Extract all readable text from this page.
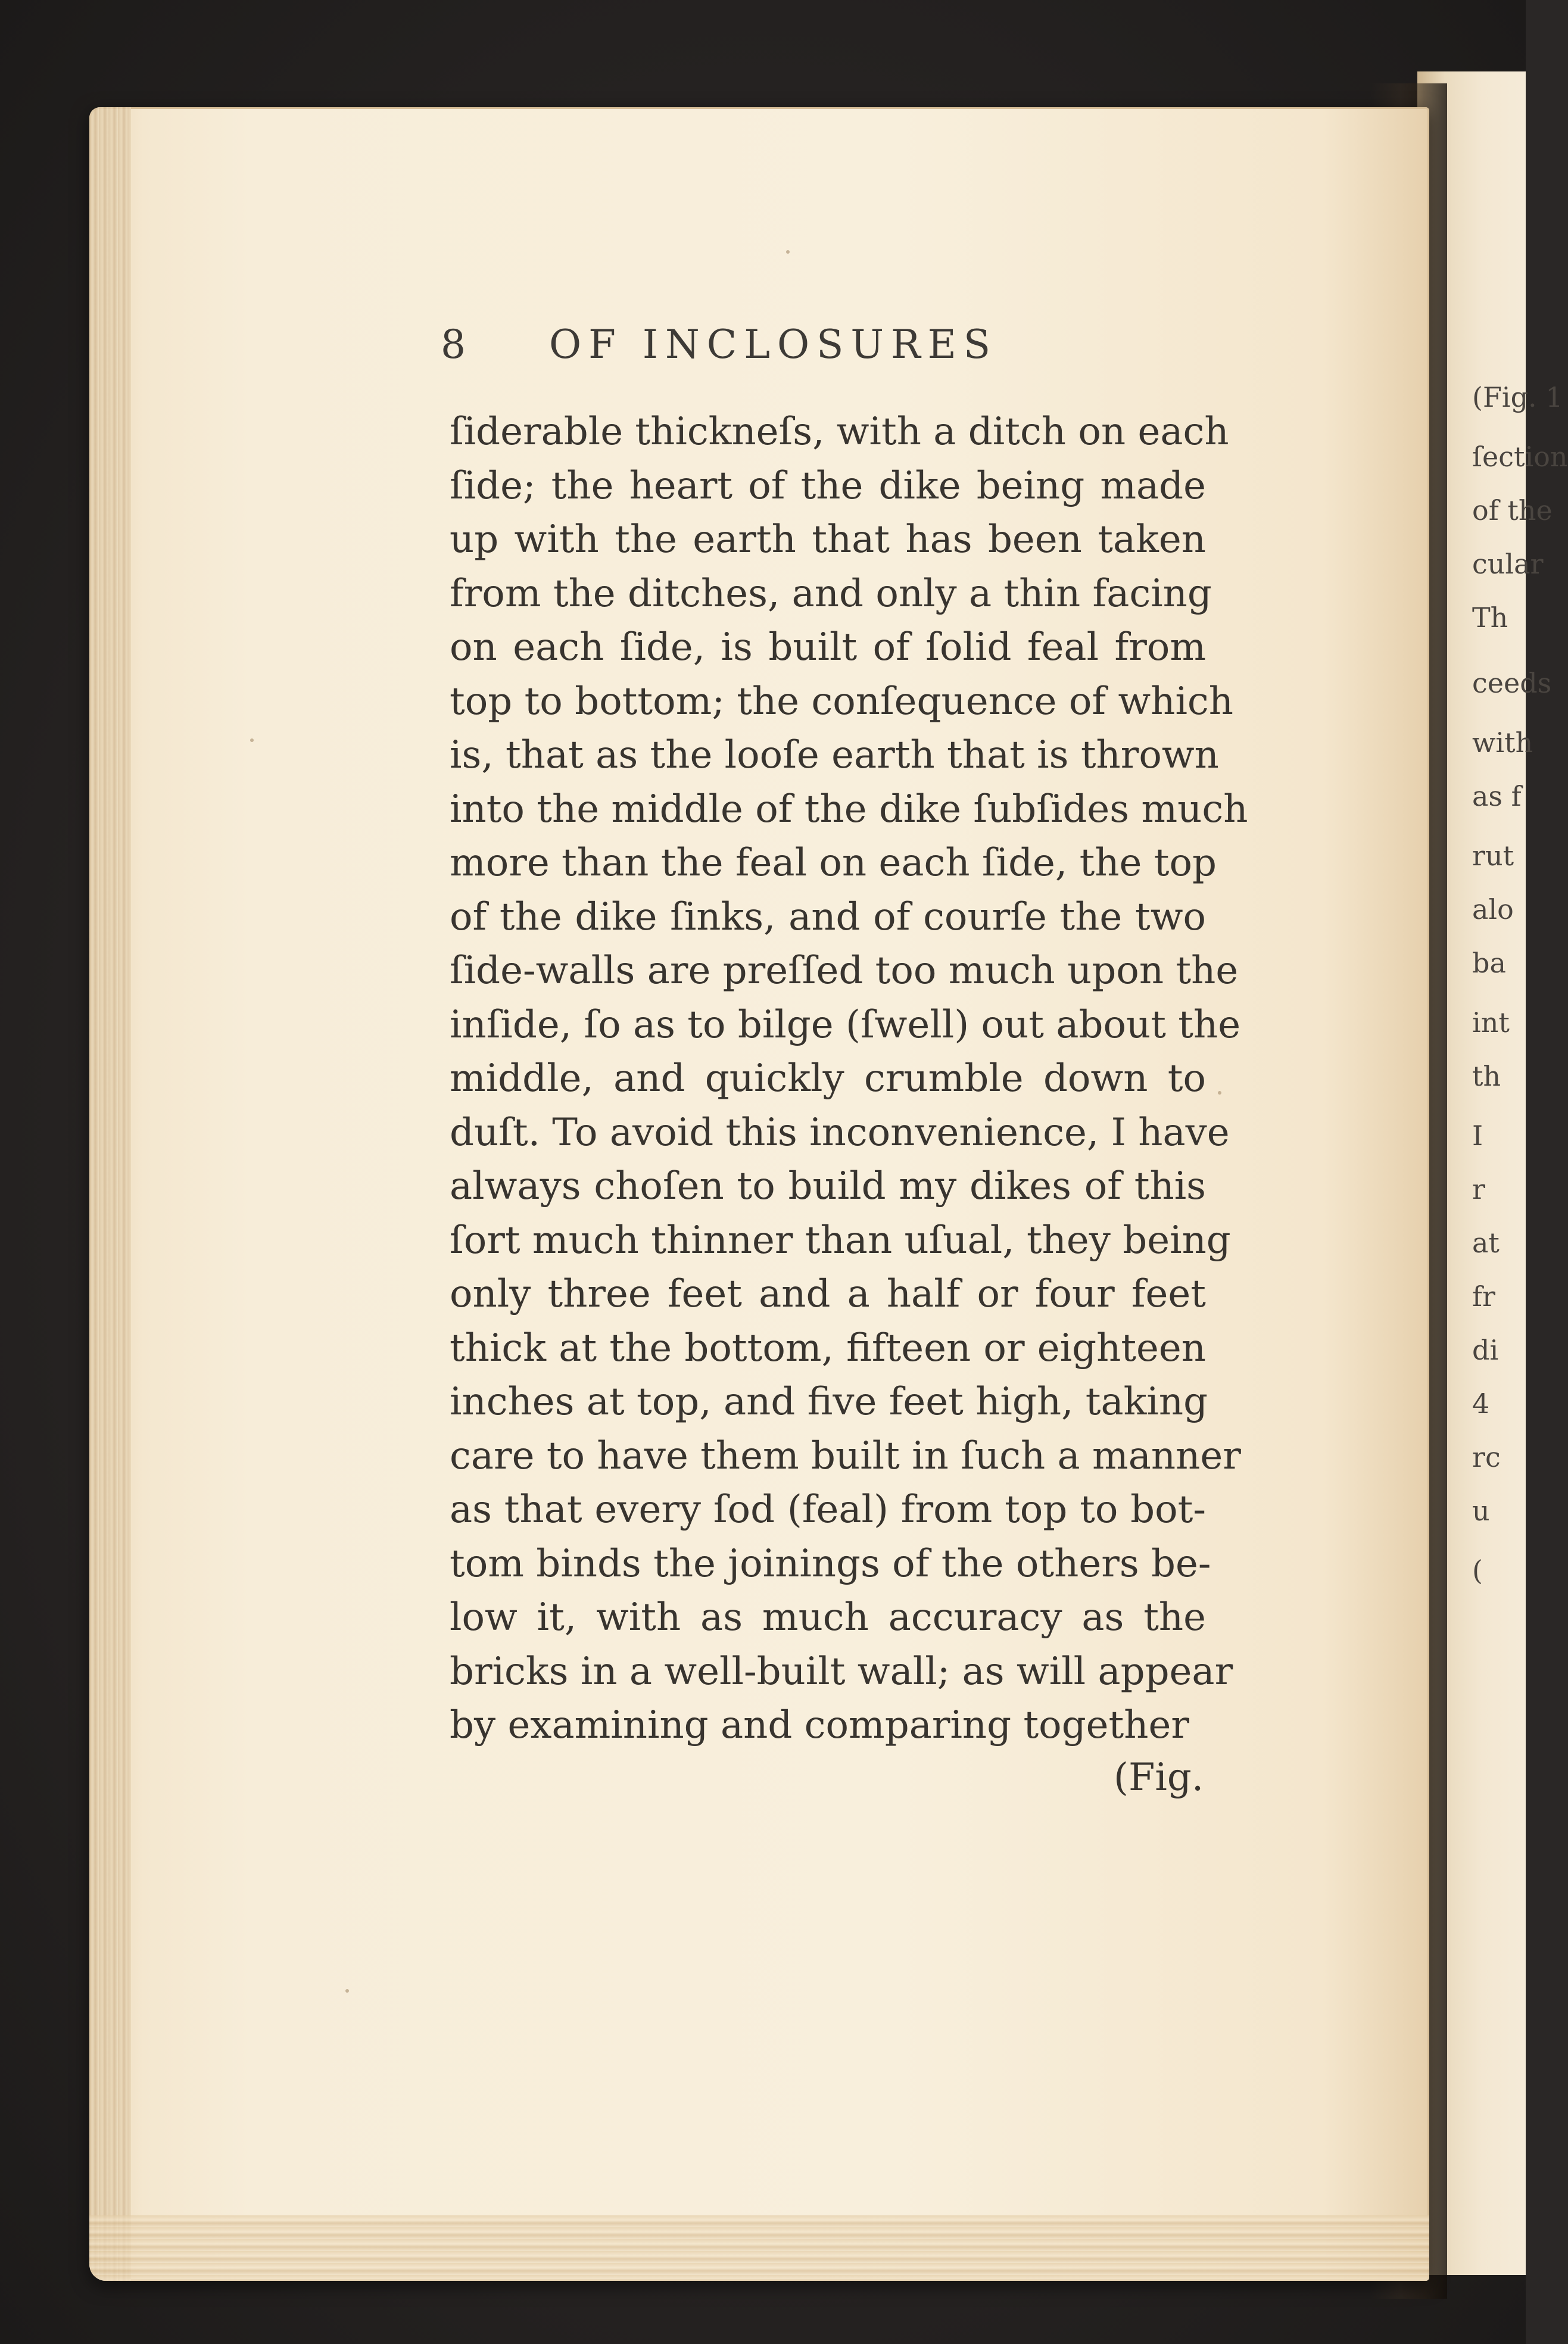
8 OF INCLOSURES
ſiderable thickneſs, with a ditch on each
ſide; the heart of the dike being made
up with the earth that has been taken
from the ditches, and only a thin facing
on each ſide, is built of ſolid feal from
top to bottom; the conſequence of which
is, that as the looſe earth that is thrown
into the middle of the dike ſubſides much
more than the feal on each ſide, the top
of the dike ſinks, and of courſe the two
ſide-walls are preſſed too much upon the
inſide, ſo as to bilge (ſwell) out about the
middle, and quickly crumble down to
duſt. To avoid this inconvenience, I have
always choſen to build my dikes of this
ſort much thinner than uſual, they being
only three feet and a half or four feet
thick at the bottom, fifteen or eighteen
inches at top, and five feet high, taking
care to have them built in ſuch a manner
as that every ſod (feal) from top to bot-
tom binds the joinings of the others be-
low it, with as much accuracy as the
bricks in a well-built wall; as will appear
by examining and comparing together
(Fig.
(Fig. 1
ſection
of the
cular
Th
ceeds
with
as f
rut
alo
ba
int
th
I
r
at
fr
di
4
rc
u
(
